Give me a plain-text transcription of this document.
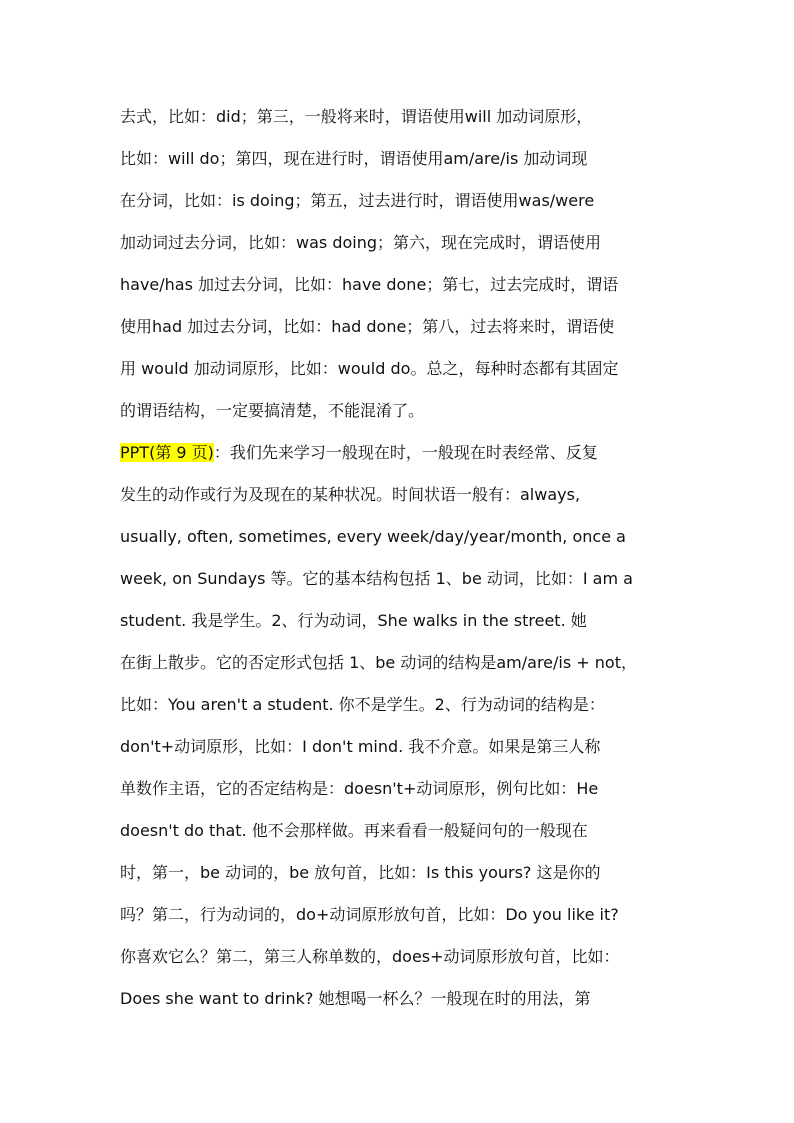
去式，比如：did；第三，一般将来时，谓语使用will 加动词原形，
比如：will do；第四，现在进行时，谓语使用am/are/is 加动词现
在分词，比如：is doing；第五，过去进行时，谓语使用was/were
加动词过去分词，比如：was doing；第六，现在完成时，谓语使用
have/has 加过去分词，比如：have done；第七，过去完成时，谓语
使用had 加过去分词，比如：had done；第八，过去将来时，谓语使
用 would 加动词原形，比如：would do。总之，每种时态都有其固定
的谓语结构，一定要搞清楚，不能混淆了。
PPT(第 9 页)：我们先来学习一般现在时，一般现在时表经常、反复
发生的动作或行为及现在的某种状况。时间状语一般有：always,
usually, often, sometimes, every week/day/year/month, once a
week, on Sundays 等。它的基本结构包括 1、be 动词，比如：I am a
student. 我是学生。2、行为动词，She walks in the street. 她
在街上散步。它的否定形式包括 1、be 动词的结构是am/are/is + not，
比如：You aren't a student. 你不是学生。2、行为动词的结构是：
don't+动词原形，比如：I don't mind. 我不介意。如果是第三人称
单数作主语，它的否定结构是：doesn't+动词原形，例句比如：He
doesn't do that. 他不会那样做。再来看看一般疑问句的一般现在
时，第一，be 动词的，be 放句首，比如：Is this yours? 这是你的
吗？第二，行为动词的，do+动词原形放句首，比如：Do you like it?
你喜欢它么？第二，第三人称单数的，does+动词原形放句首，比如：
Does she want to drink? 她想喝一杯么？一般现在时的用法，第
